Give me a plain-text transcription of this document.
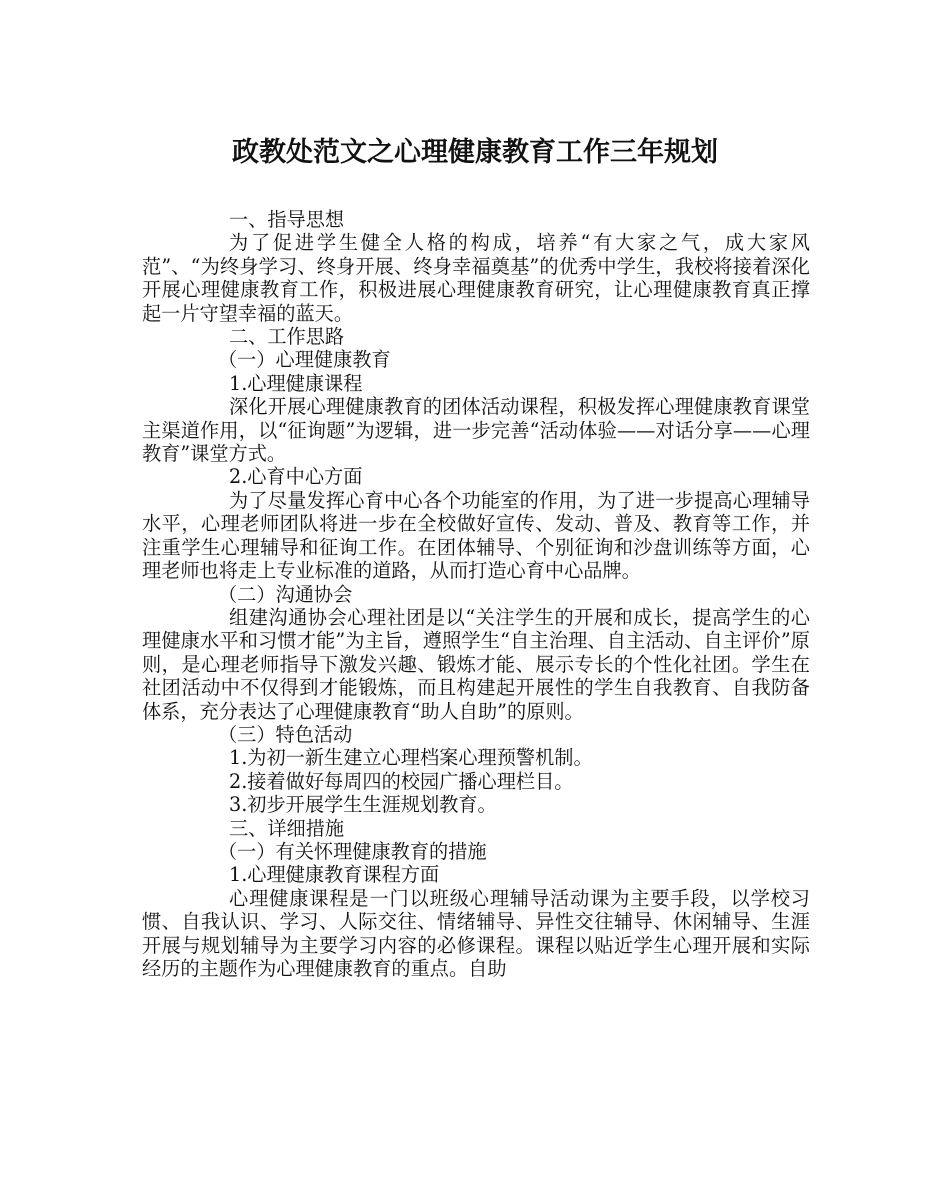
政教处范文之心理健康教育工作三年规划

一、指导思想

为了促进学生健全人格的构成，培养“有大家之气，成大家风范”、“为终身学习、终身开展、终身幸福奠基”的优秀中学生，我校将接着深化开展心理健康教育工作，积极进展心理健康教育研究，让心理健康教育真正撑起一片守望幸福的蓝天。

二、工作思路

（一）心理健康教育

1.心理健康课程

深化开展心理健康教育的团体活动课程，积极发挥心理健康教育课堂主渠道作用，以“征询题”为逻辑，进一步完善“活动体验——对话分享——心理教育”课堂方式。

2.心育中心方面

为了尽量发挥心育中心各个功能室的作用，为了进一步提高心理辅导水平，心理老师团队将进一步在全校做好宣传、发动、普及、教育等工作，并注重学生心理辅导和征询工作。在团体辅导、个别征询和沙盘训练等方面，心理老师也将走上专业标准的道路，从而打造心育中心品牌。

（二）沟通协会

组建沟通协会心理社团是以“关注学生的开展和成长，提高学生的心理健康水平和习惯才能”为主旨，遵照学生“自主治理、自主活动、自主评价”原则，是心理老师指导下激发兴趣、锻炼才能、展示专长的个性化社团。学生在社团活动中不仅得到才能锻炼，而且构建起开展性的学生自我教育、自我防备体系，充分表达了心理健康教育“助人自助”的原则。

（三）特色活动

1.为初一新生建立心理档案心理预警机制。

2.接着做好每周四的校园广播心理栏目。

3.初步开展学生生涯规划教育。

三、详细措施

（一）有关怀理健康教育的措施

1.心理健康教育课程方面

心理健康课程是一门以班级心理辅导活动课为主要手段，以学校习惯、自我认识、学习、人际交往、情绪辅导、异性交往辅导、休闲辅导、生涯开展与规划辅导为主要学习内容的必修课程。课程以贴近学生心理开展和实际经历的主题作为心理健康教育的重点。自助
